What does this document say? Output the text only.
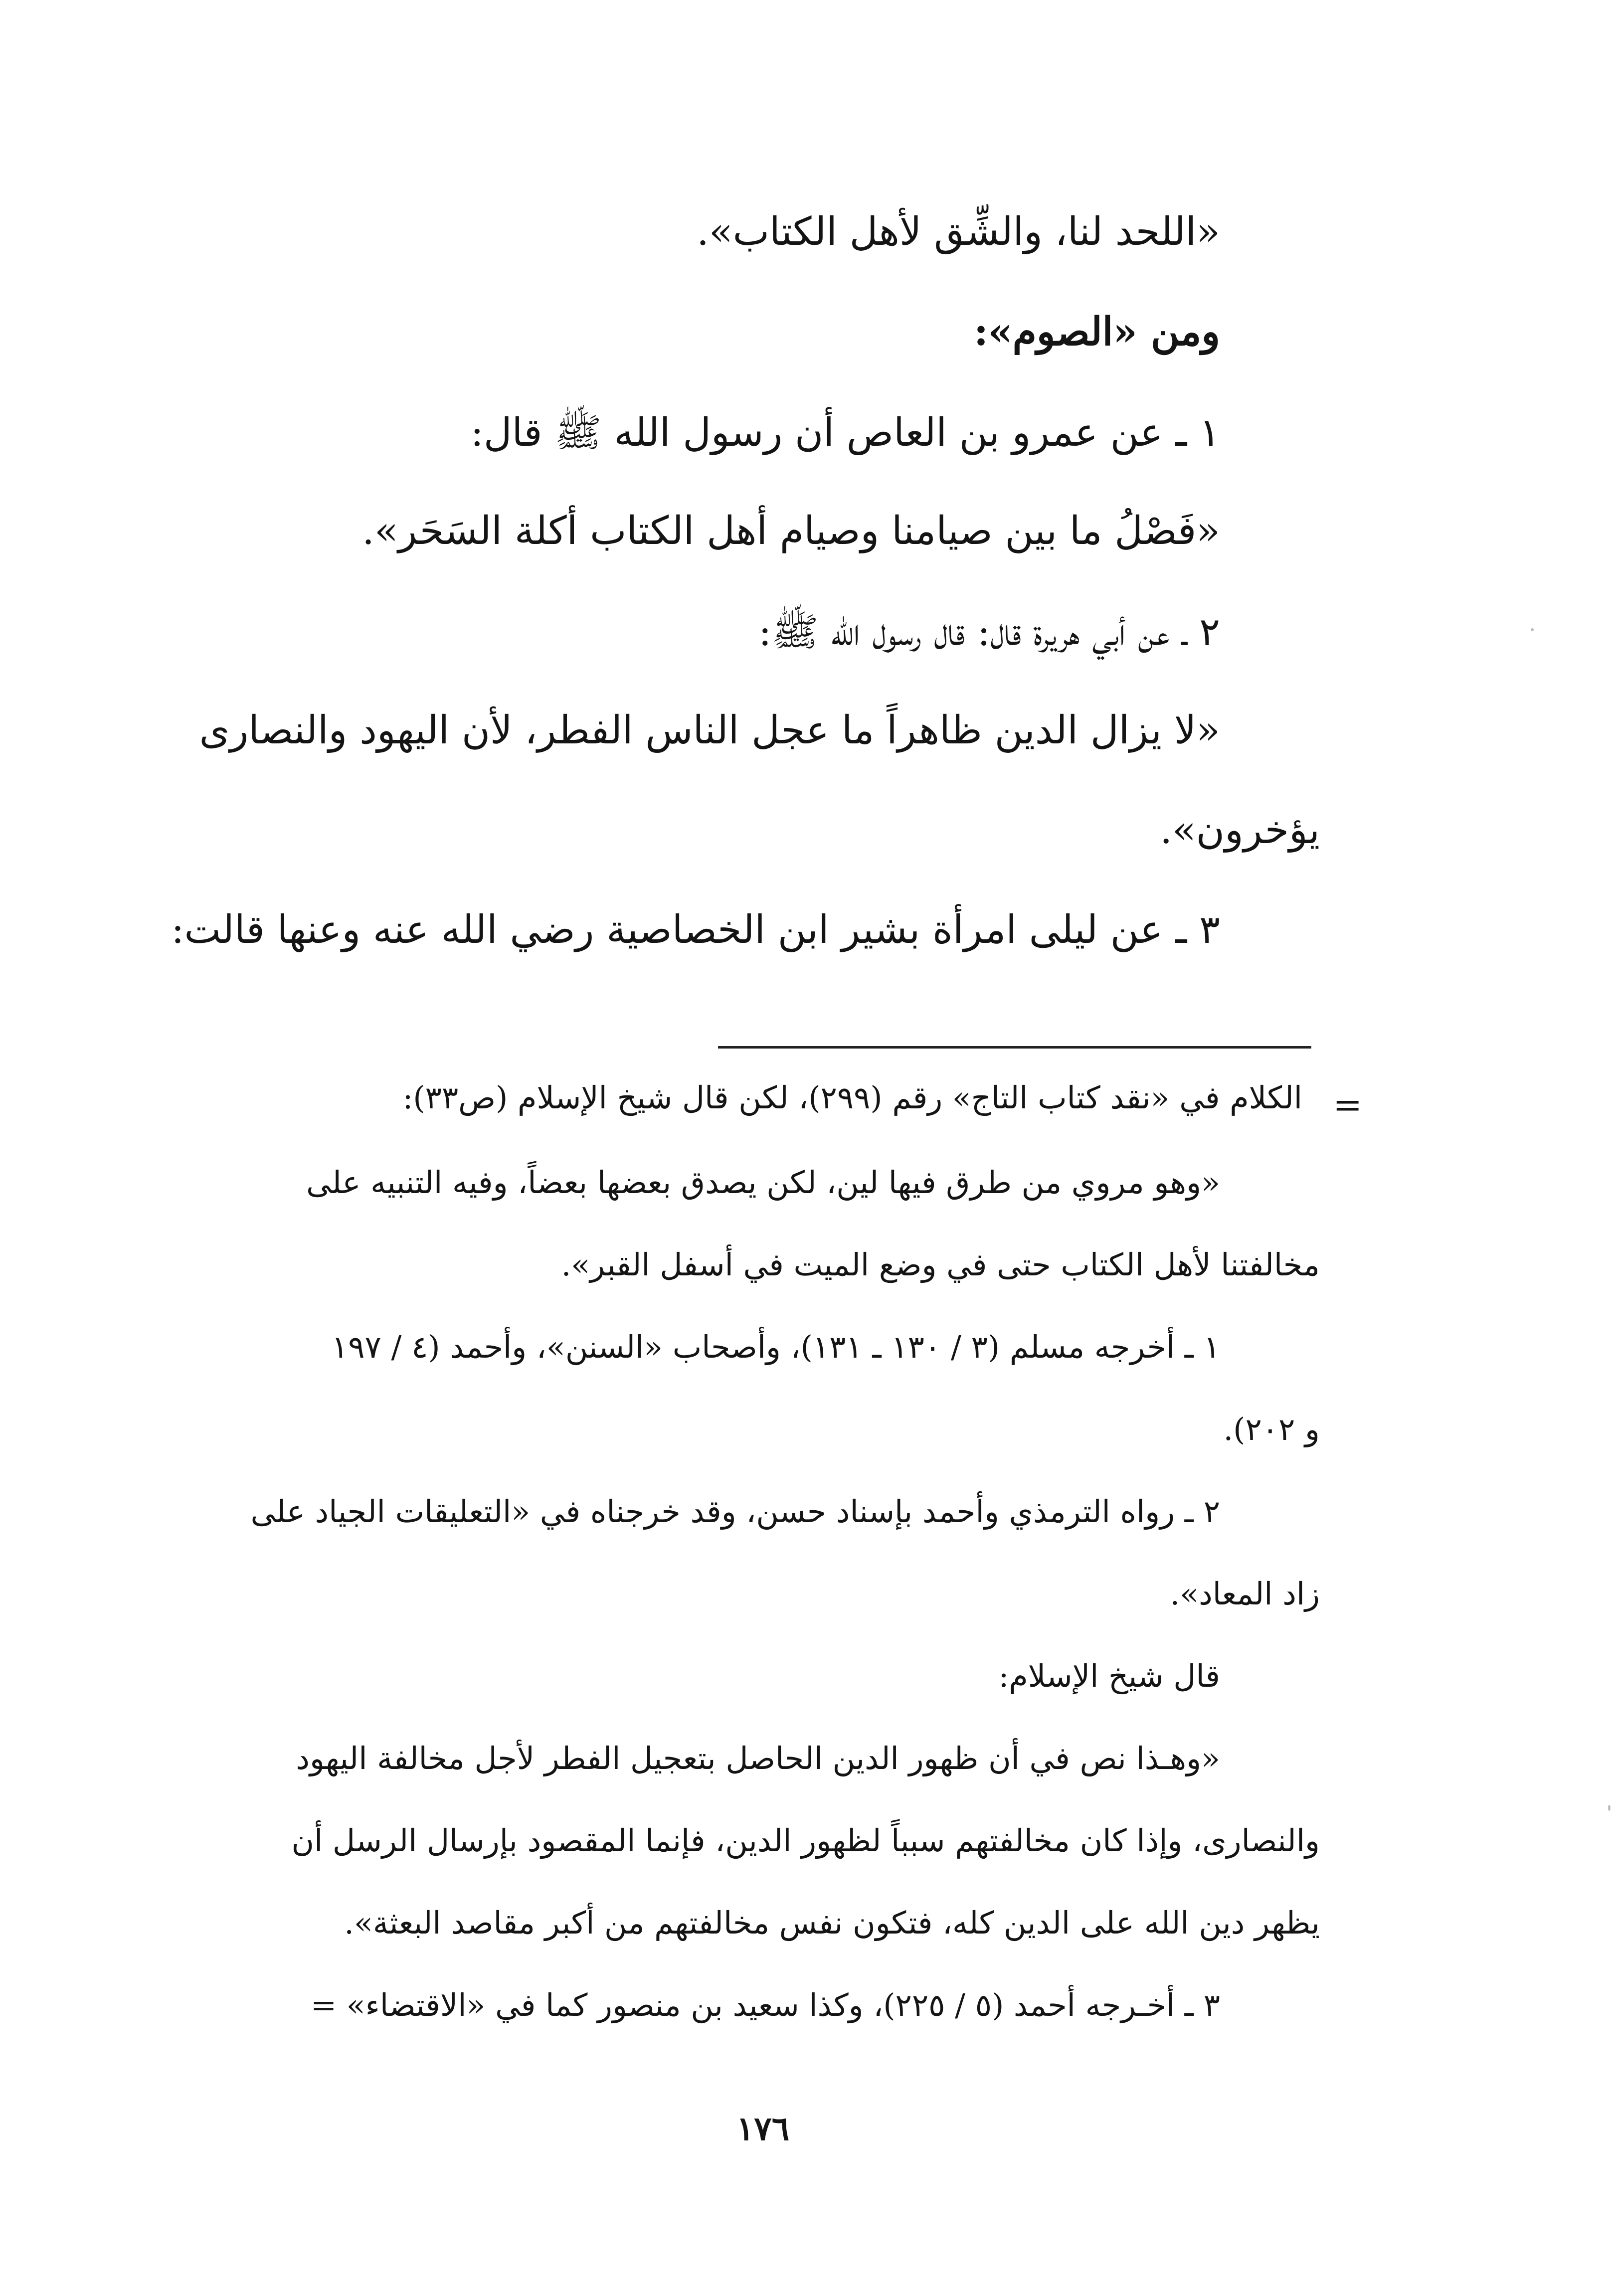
«اللحد لنا، والشِّق لأهل الكتاب».

ومن «الصوم»:

١ ـ عن عمرو بن العاص أن رسول الله ﷺ قال:

«فَصْلُ ما بين صيامنا وصيام أهل الكتاب أكلة السَحَر».

٢ ـ عن أبي هريرة قال: قال رسول الله ﷺ:

«لا يزال الدين ظاهراً ما عجل الناس الفطر، لأن اليهود والنصارى

يؤخرون».

٣ ـ عن ليلى امرأة بشير ابن الخصاصية رضي الله عنه وعنها قالت:

=

الكلام في «نقد كتاب التاج» رقم (٢٩٩)، لكن قال شيخ الإسلام (ص٣٣):

«وهو مروي من طرق فيها لين، لكن يصدق بعضها بعضاً، وفيه التنبيه على

مخالفتنا لأهل الكتاب حتى في وضع الميت في أسفل القبر».

١ ـ أخرجه مسلم (٣ / ١٣٠ ـ ١٣١)، وأصحاب «السنن»، وأحمد (٤ / ١٩٧

و ٢٠٢).

٢ ـ رواه الترمذي وأحمد بإسناد حسن، وقد خرجناه في «التعليقات الجياد على

زاد المعاد».

قال شيخ الإسلام:

«وهـذا نص في أن ظهور الدين الحاصل بتعجيل الفطر لأجل مخالفة اليهود

والنصارى، وإذا كان مخالفتهم سبباً لظهور الدين، فإنما المقصود بإرسال الرسل أن

يظهر دين الله على الدين كله، فتكون نفس مخالفتهم من أكبر مقاصد البعثة».

٣ ـ أخـرجه أحمد (٥ / ٢٢٥)، وكذا سعيد بن منصور كما في «الاقتضاء» =

١٧٦
